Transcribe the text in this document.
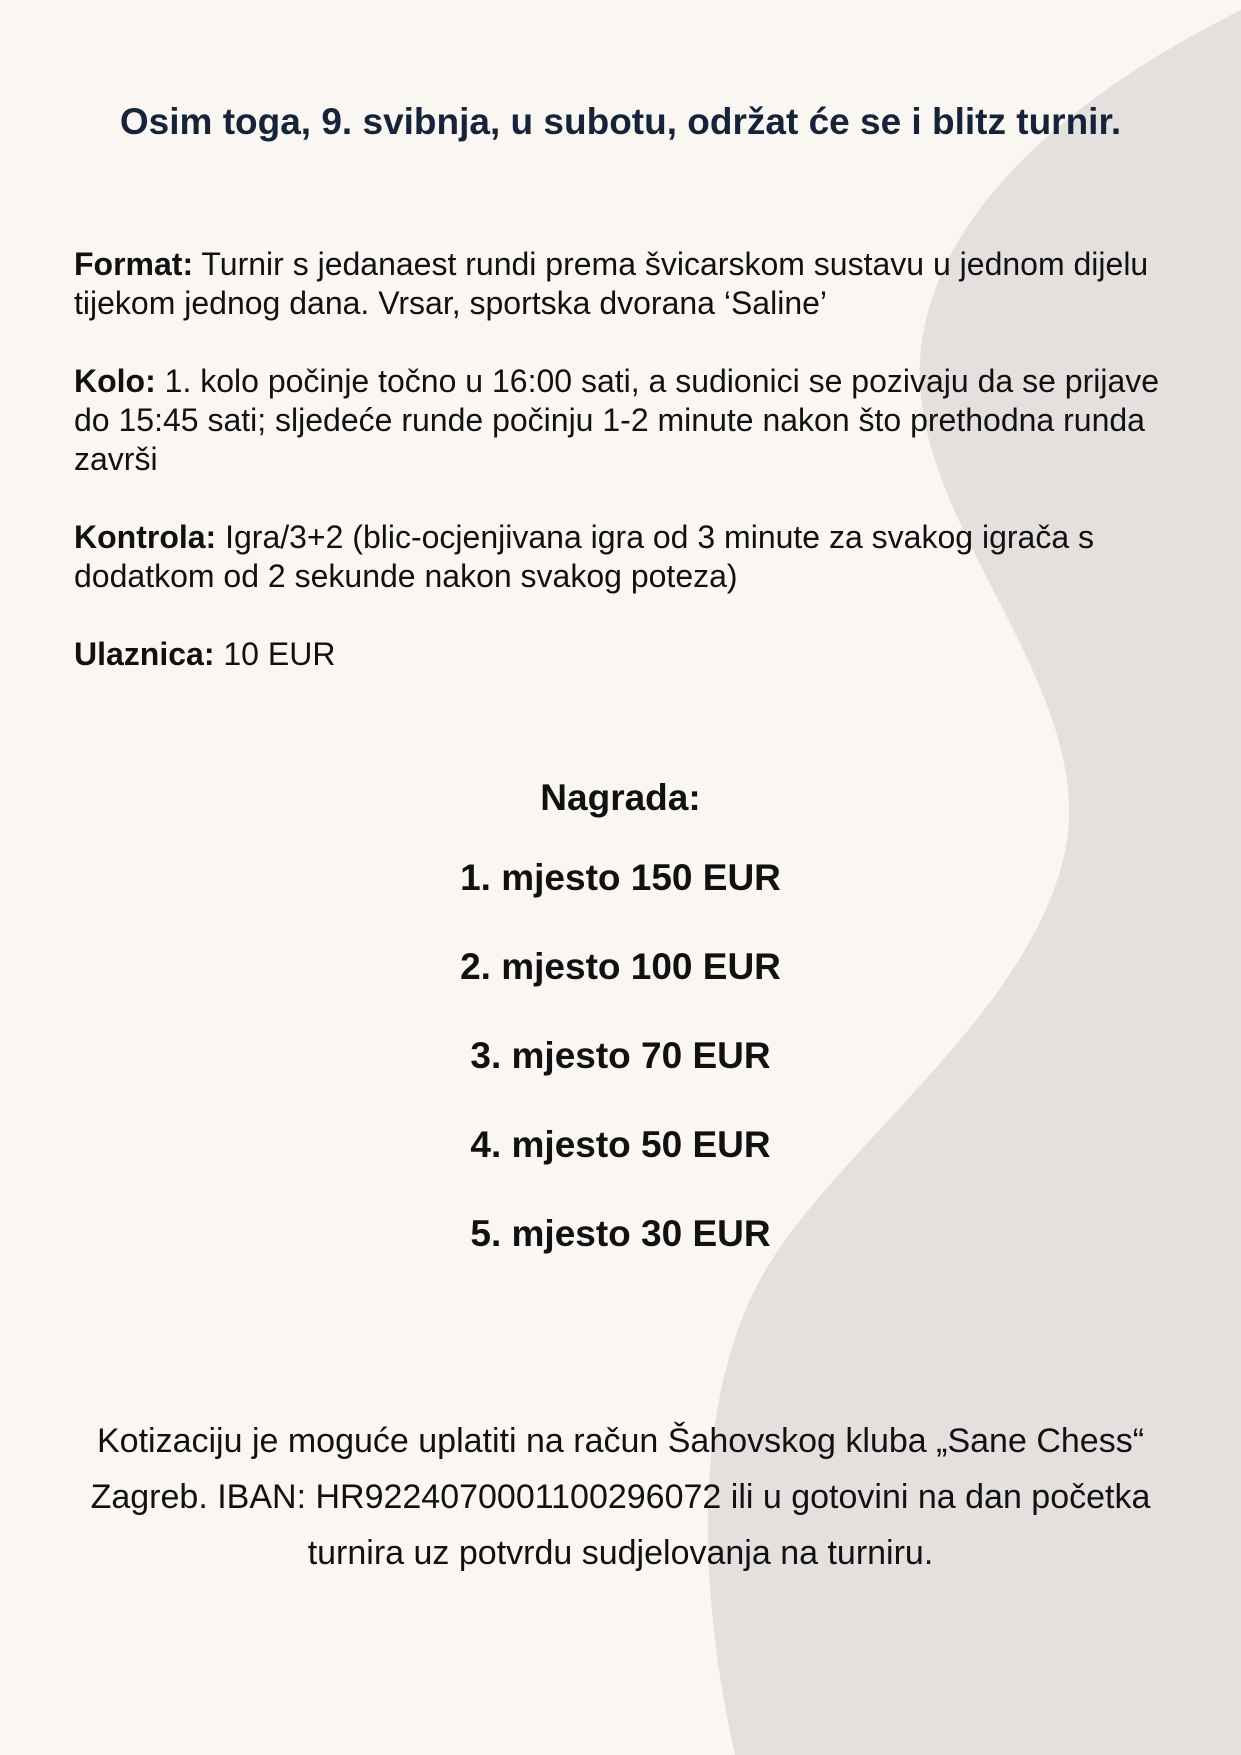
Osim toga, 9. svibnja, u subotu, održat će se i blitz turnir.

Format: Turnir s jedanaest rundi prema švicarskom sustavu u jednom dijelu tijekom jednog dana. Vrsar, sportska dvorana ‘Saline’

Kolo: 1. kolo počinje točno u 16:00 sati, a sudionici se pozivaju da se prijave do 15:45 sati; sljedeće runde počinju 1-2 minute nakon što prethodna runda završi

Kontrola: Igra/3+2 (blic-ocjenjivana igra od 3 minute za svakog igrača s dodatkom od 2 sekunde nakon svakog poteza)

Ulaznica: 10 EUR

Nagrada:
1. mjesto 150 EUR
2. mjesto 100 EUR
3. mjesto 70 EUR
4. mjesto 50 EUR
5. mjesto 30 EUR

Kotizaciju je moguće uplatiti na račun Šahovskog kluba „Sane Chess“ Zagreb. IBAN: HR9224070001100296072 ili u gotovini na dan početka turnira uz potvrdu sudjelovanja na turniru.
